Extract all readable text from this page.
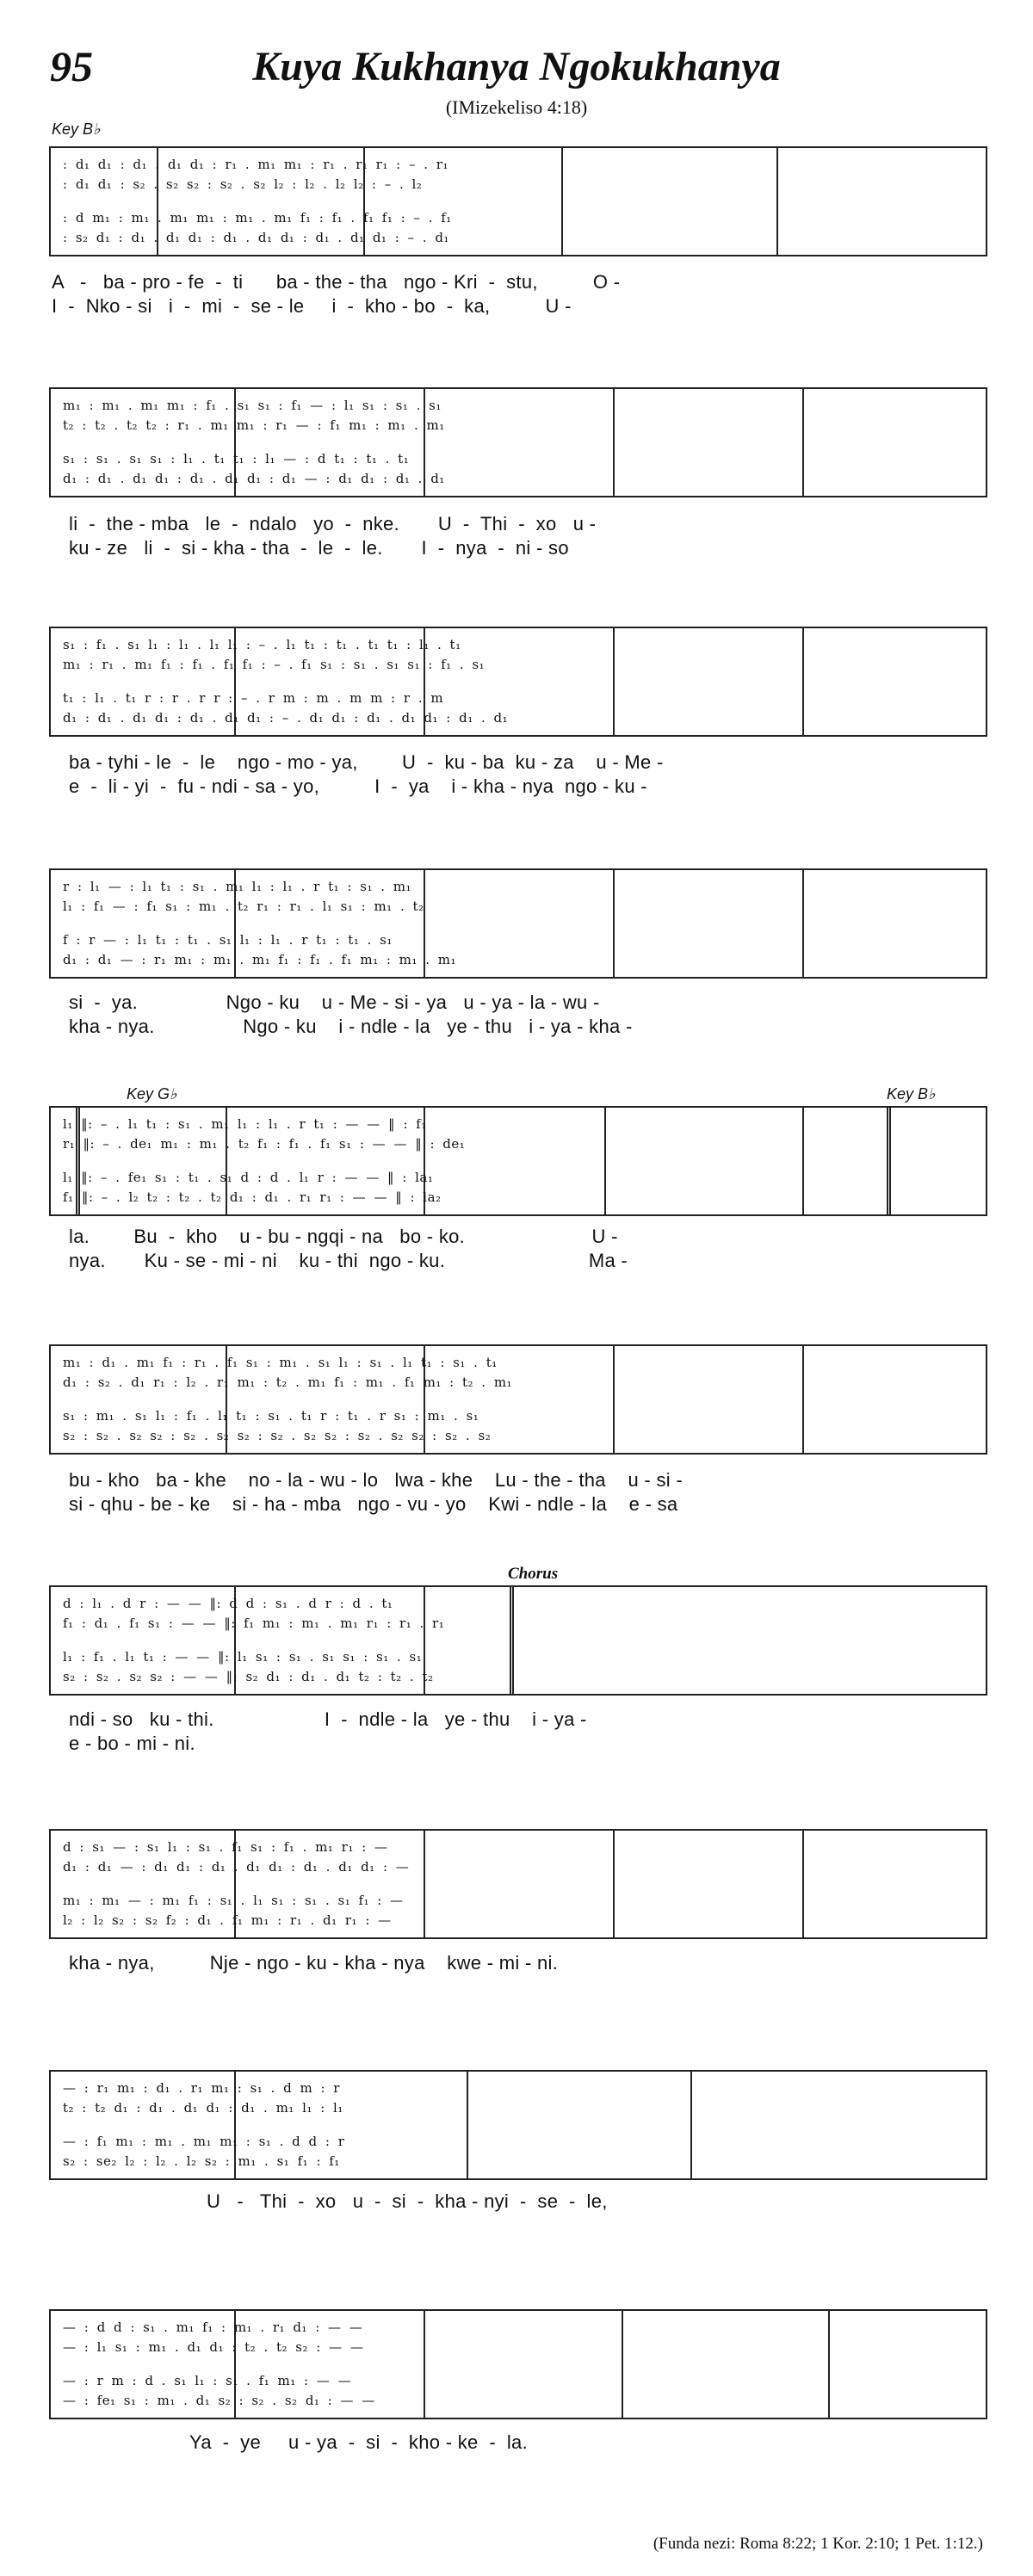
95	Kuya Kukhanya Ngokukhanya
(IMizekeliso 4:18)
Key B♭
Key G♭	Key B♭
Chorus
: d₁ d₁ : d₁ . d₁ d₁ : r₁ . m₁ m₁ : r₁ . r₁ r₁ : – . r₁
: d₁ d₁ : s₂ . s₂ s₂ : s₂ . s₂ l₂ : l₂ . l₂ l₂ : – . l₂
: d m₁ : m₁ . m₁ m₁ : m₁ . m₁ f₁ : f₁ . f₁ f₁ : – . f₁
: s₂ d₁ : d₁ . d₁ d₁ : d₁ . d₁ d₁ : d₁ . d₁ d₁ : – . d₁
A   -   ba - pro - fe  -  ti      ba - the - tha   ngo - Kri  -  stu,          O -
I  -  Nko - si   i  -  mi  -  se - le     i  -  kho - bo  -  ka,          U -
m₁ : m₁ . m₁ m₁ : f₁ . s₁ s₁ : f₁ — : l₁ s₁ : s₁ . s₁
t₂ : t₂ . t₂ t₂ : r₁ . m₁ m₁ : r₁ — : f₁ m₁ : m₁ . m₁
s₁ : s₁ . s₁ s₁ : l₁ . t₁ t₁ : l₁ — : d t₁ : t₁ . t₁
d₁ : d₁ . d₁ d₁ : d₁ . d₁ d₁ : d₁ — : d₁ d₁ : d₁ . d₁
li  -  the - mba   le  -  ndalo   yo  -  nke.       U  -  Thi  -  xo   u -
ku - ze   li  -  si - kha - tha  -  le  -  le.       I  -  nya  -  ni - so
s₁ : f₁ . s₁ l₁ : l₁ . l₁ l₁ : – . l₁ t₁ : t₁ . t₁ t₁ : l₁ . t₁
m₁ : r₁ . m₁ f₁ : f₁ . f₁ f₁ : – . f₁ s₁ : s₁ . s₁ s₁ : f₁ . s₁
t₁ : l₁ . t₁ r : r . r r : – . r m : m . m m : r . m
d₁ : d₁ . d₁ d₁ : d₁ . d₁ d₁ : – . d₁ d₁ : d₁ . d₁ d₁ : d₁ . d₁
ba - tyhi - le  -  le    ngo - mo - ya,        U  -  ku - ba  ku - za    u - Me -
e  -  li - yi  -  fu - ndi - sa - yo,          I  -  ya    i - kha - nya  ngo - ku -
r : l₁ — : l₁ t₁ : s₁ . m₁ l₁ : l₁ . r t₁ : s₁ . m₁
l₁ : f₁ — : f₁ s₁ : m₁ . t₂ r₁ : r₁ . l₁ s₁ : m₁ . t₂
f : r — : l₁ t₁ : t₁ . s₁ l₁ : l₁ . r t₁ : t₁ . s₁
d₁ : d₁ — : r₁ m₁ : m₁ . m₁ f₁ : f₁ . f₁ m₁ : m₁ . m₁
si  -  ya.                Ngo - ku    u - Me - si - ya   u - ya - la - wu -
kha - nya.                Ngo - ku    i - ndle - la   ye - thu   i - ya - kha -
l₁ ‖: – . l₁ t₁ : s₁ . m₁ l₁ : l₁ . r t₁ : — — ‖ : f₁
r₁ ‖: – . de₁ m₁ : m₁ . t₂ f₁ : f₁ . f₁ s₁ : — — ‖ : de₁
l₁ ‖: – . fe₁ s₁ : t₁ . s₁ d : d . l₁ r : — — ‖ : la₁
f₁ ‖: – . l₂ t₂ : t₂ . t₂ d₁ : d₁ . r₁ r₁ : — — ‖ : la₂
la.        Bu  -  kho    u - bu - ngqi - na   bo - ko.                       U -
nya.       Ku - se - mi - ni    ku - thi  ngo - ku.                          Ma -
m₁ : d₁ . m₁ f₁ : r₁ . f₁ s₁ : m₁ . s₁ l₁ : s₁ . l₁ t₁ : s₁ . t₁
d₁ : s₂ . d₁ r₁ : l₂ . r₁ m₁ : t₂ . m₁ f₁ : m₁ . f₁ m₁ : t₂ . m₁
s₁ : m₁ . s₁ l₁ : f₁ . l₁ t₁ : s₁ . t₁ r : t₁ . r s₁ : m₁ . s₁
s₂ : s₂ . s₂ s₂ : s₂ . s₂ s₂ : s₂ . s₂ s₂ : s₂ . s₂ s₂ : s₂ . s₂
bu - kho   ba - khe    no - la - wu - lo   lwa - khe    Lu - the - tha    u - si -
si - qhu - be - ke    si - ha - mba   ngo - vu - yo    Kwi - ndle - la    e - sa
d : l₁ . d r : — — ‖: d d : s₁ . d r : d . t₁
f₁ : d₁ . f₁ s₁ : — — ‖: f₁ m₁ : m₁ . m₁ r₁ : r₁ . r₁
l₁ : f₁ . l₁ t₁ : — — ‖: l₁ s₁ : s₁ . s₁ s₁ : s₁ . s₁
s₂ : s₂ . s₂ s₂ : — — ‖: s₂ d₁ : d₁ . d₁ t₂ : t₂ . t₂
ndi - so   ku - thi.                    I  -  ndle - la   ye - thu    i - ya -
e - bo - mi - ni.
d : s₁ — : s₁ l₁ : s₁ . f₁ s₁ : f₁ . m₁ r₁ : —
d₁ : d₁ — : d₁ d₁ : d₁ . d₁ d₁ : d₁ . d₁ d₁ : —
m₁ : m₁ — : m₁ f₁ : s₁ . l₁ s₁ : s₁ . s₁ f₁ : —
l₂ : l₂ s₂ : s₂ f₂ : d₁ . f₁ m₁ : r₁ . d₁ r₁ : —
kha - nya,          Nje - ngo - ku - kha - nya    kwe - mi - ni.
— : r₁ m₁ : d₁ . r₁ m₁ : s₁ . d m : r
t₂ : t₂ d₁ : d₁ . d₁ d₁ : d₁ . m₁ l₁ : l₁
— : f₁ m₁ : m₁ . m₁ m₁ : s₁ . d d : r
s₂ : se₂ l₂ : l₂ . l₂ s₂ : m₁ . s₁ f₁ : f₁
U   -   Thi  -  xo   u  -  si  -  kha - nyi  -  se  -  le,
— : d d : s₁ . m₁ f₁ : m₁ . r₁ d₁ : — —
— : l₁ s₁ : m₁ . d₁ d₁ : t₂ . t₂ s₂ : — —
— : r m : d . s₁ l₁ : s₁ . f₁ m₁ : — —
— : fe₁ s₁ : m₁ . d₁ s₂ : s₂ . s₂ d₁ : — —
Ya  -  ye     u - ya  -  si  -  kho - ke  -  la.
(Funda nezi: Roma 8:22; 1 Kor. 2:10; 1 Pet. 1:12.)
